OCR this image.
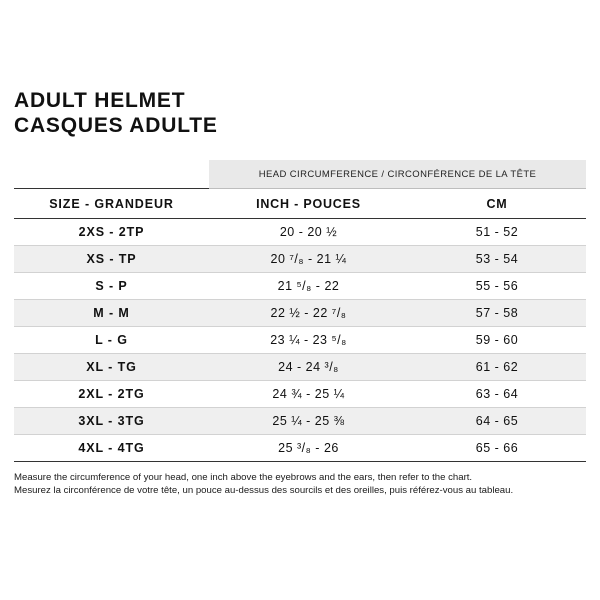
ADULT HELMET
CASQUES ADULTE
	HEAD CIRCUMFERENCE / CIRCONFÉRENCE DE LA TÊTE	
SIZE - GRANDEUR	INCH - POUCES	CM
2XS - 2TP	20 - 20 ½	51 - 52
XS - TP	20 ⁷/₈ - 21 ¼	53 - 54
S - P	21 ⁵/₈ - 22	55 - 56
M - M	22 ½ - 22 ⁷/₈	57 - 58
L - G	23 ¼ - 23 ⁵/₈	59 - 60
XL - TG	24 - 24 ³/₈	61 - 62
2XL - 2TG	24 ¾ - 25 ¼	63 - 64
3XL - 3TG	25 ¼ - 25 ⅜	64 - 65
4XL - 4TG	25 ³/₈ - 26	65 - 66
Measure the circumference of your head, one inch above the eyebrows and the ears, then refer to the chart.
Mesurez la circonférence de votre tête, un pouce au-dessus des sourcils et des oreilles, puis référez-vous au tableau.
